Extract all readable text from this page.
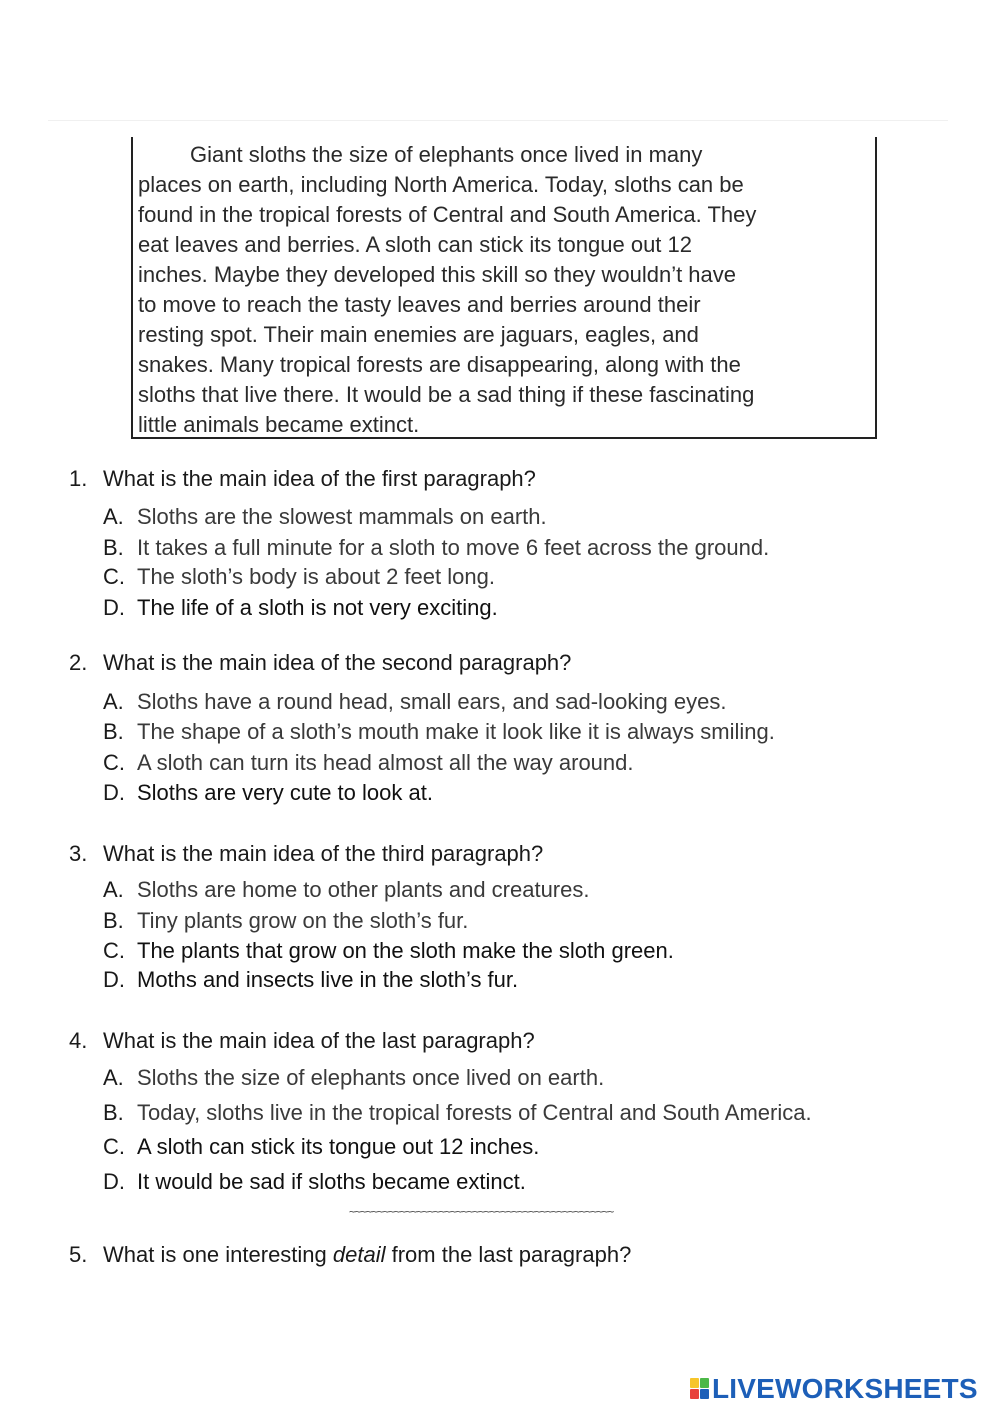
Giant sloths the size of elephants once lived in many
places on earth, including North America. Today, sloths can be
found in the tropical forests of Central and South America. They
eat leaves and berries. A sloth can stick its tongue out 12
inches. Maybe they developed this skill so they wouldn’t have
to move to reach the tasty leaves and berries around their
resting spot. Their main enemies are jaguars, eagles, and
snakes. Many tropical forests are disappearing, along with the
sloths that live there. It would be a sad thing if these fascinating
little animals became extinct.
1. What is the main idea of the first paragraph?
A. Sloths are the slowest mammals on earth.
B. It takes a full minute for a sloth to move 6 feet across the ground.
C. The sloth’s body is about 2 feet long.
D. The life of a sloth is not very exciting.
2. What is the main idea of the second paragraph?
A. Sloths have a round head, small ears, and sad-looking eyes.
B. The shape of a sloth’s mouth make it look like it is always smiling.
C. A sloth can turn its head almost all the way around.
D. Sloths are very cute to look at.
3. What is the main idea of the third paragraph?
A. Sloths are home to other plants and creatures.
B. Tiny plants grow on the sloth’s fur.
C. The plants that grow on the sloth make the sloth green.
D. Moths and insects live in the sloth’s fur.
4. What is the main idea of the last paragraph?
A. Sloths the size of elephants once lived on earth.
B. Today, sloths live in the tropical forests of Central and South America.
C. A sloth can stick its tongue out 12 inches.
D. It would be sad if sloths became extinct.
~~~~~~~~~~~~~~~~~~~~~~~~~~~~~~~~~~~~~~~~~~~~~~~
5. What is one interesting detail from the last paragraph?
LIVEWORKSHEETS
